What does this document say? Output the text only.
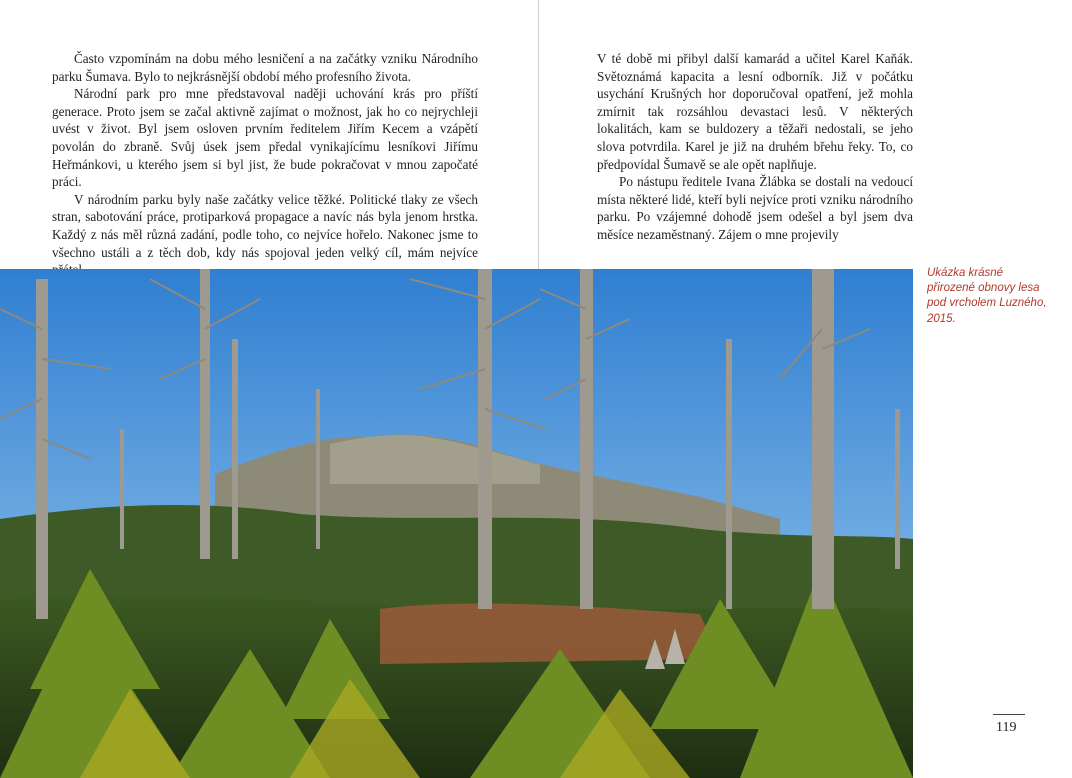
Často vzpomínám na dobu mého lesničení a na začátky vzniku Národního parku Šumava. Bylo to nejkrásnější období mého profesního života.

Národní park pro mne představoval naději uchování krás pro příští generace. Proto jsem se začal aktivně zajímat o možnost, jak ho co nejrychleji uvést v život. Byl jsem osloven prvním ředitelem Jiřím Kecem a vzápětí povolán do zbraně. Svůj úsek jsem předal vynikajícímu lesníkovi Jiřímu Heřmánkovi, u kterého jsem si byl jist, že bude pokračovat v mnou započaté práci.

V národním parku byly naše začátky velice těžké. Politické tlaky ze všech stran, sabotování práce, protiparková propagace a navíc nás byla jenom hrstka. Každý z nás měl různá zadání, podle toho, co nejvíce hořelo. Nakonec jsme to všechno ustáli a z těch dob, kdy nás spojoval jeden velký cíl, mám nejvíce

V té době mi přibyl další kamarád a učitel Karel Kaňák. Světoznámá kapacita a lesní odborník. Již v počátku usychání Krušných hor doporučoval opatření, jež mohla zmírnit tak rozsáhlou devastaci lesů. V některých lokalitách, kam se buldozery a těžaři nedostali, se jeho slova potvrdila. Karel je již na druhém břehu řeky. To, co předpovídal Šumavě se ale opět naplňuje.

Po nástupu ředitele Ivana Žlábka se dostali na vedoucí místa některé lidé, kteří byli nejvíce proti vzniku národního parku. Po vzájemné dohodě jsem odešel a byl jsem dva měsíce nezaměstnaný. Zájem o mne projevily

Ukázka krásné přirozené obnovy lesa pod vrcholem Luzného, 2015.
119
